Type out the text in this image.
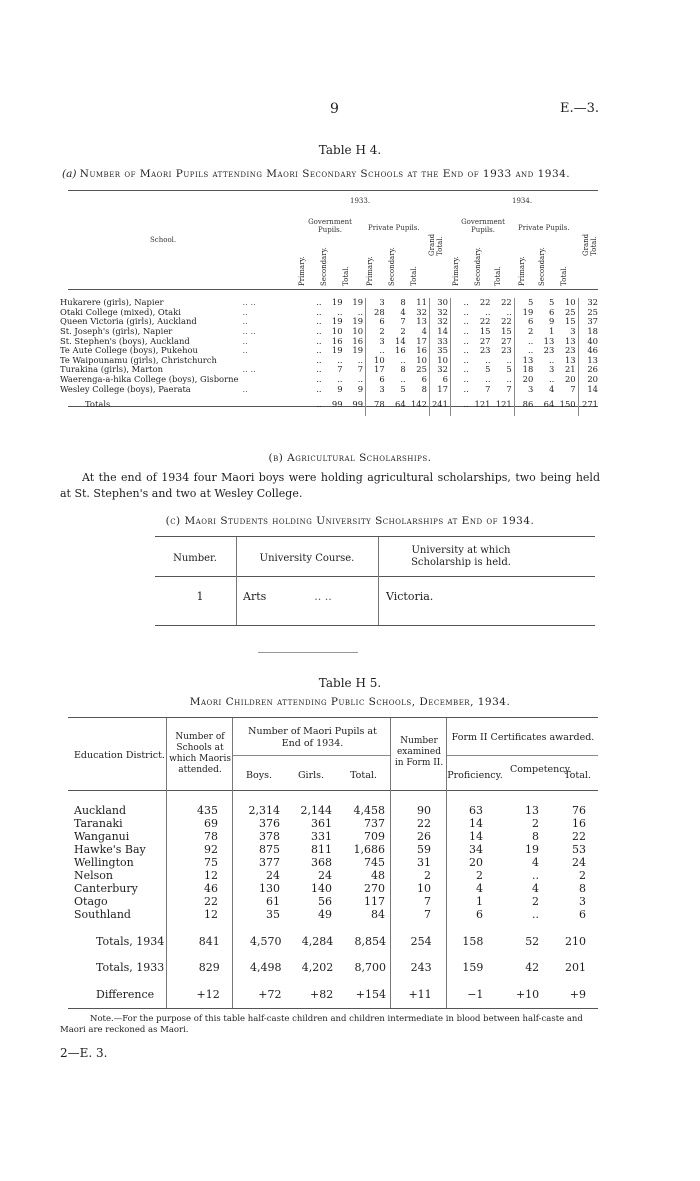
9	E.—3.
Table H 4.
(a) Number of Maori Pupils attending Maori Secondary Schools at the End of 1933 and 1934.
School.
1933.	1934.
Government Pupils.	Private Pupils.
Government Pupils.	Private Pupils.
Primary. Secondary. Total. Primary. Secondary. Total.
Grand Total.
Primary. Secondary. Total. Primary. Secondary. Total.
Grand Total.
Hukarere (girls), Napier	.. ..	..	19	19	3	8	11	30	..	22	22	5	5	10	32
Otaki College (mixed), Otaki	..	..	..	..	28	4	32	32	..	..	..	19	6	25	25
Queen Victoria (girls), Auckland	..	..	19	19	6	7	13	32	..	22	22	6	9	15	37
St. Joseph's (girls), Napier	.. ..	..	10	10	2	2	4	14	..	15	15	2	1	3	18
St. Stephen's (boys), Auckland	..	..	16	16	3	14	17	33	..	27	27	..	13	13	40
Te Aute College (boys), Pukehou	..	..	19	19	..	16	16	35	..	23	23	..	23	23	46
Te Waipounamu (girls), Christchurch		..	..	..	10	..	10	10	..	..	..	13	..	13	13
Turakina (girls), Marton	.. ..	..	7	7	17	8	25	32	..	5	5	18	3	21	26
Waerenga-a-hika College (boys), Gisborne		..	..	..	6	..	6	6	..	..	..	20	..	20	20
Wesley College (boys), Paerata	..	..	9	9	3	5	8	17	..	7	7	3	4	7	14
Totals .. .. ..		..	99	99	78	64	142	241	..	121	121	86	64	150	271
(b) Agricultural Scholarships.
At the end of 1934 four Maori boys were holding agricultural scholarships, two being held at St. Stephen's and two at Wesley College.
(c) Maori Students holding University Scholarships at End of 1934.
Number.	University Course.
University at which Scholarship is held.
1	Arts	.. ..	Victoria.
Table H 5.
Maori Children attending Public Schools, December, 1934.
Education District.
Number of Schools at which Maoris attended.
Number of Maori Pupils at End of 1934.
Boys.	Girls.	Total.
Number examined in Form II.
Form II Certificates awarded.
Proficiency.
Competency.
Total.
Auckland	435	2,314	2,144	4,458	90	63	13	76
Taranaki	69	376	361	737	22	14	2	16
Wanganui	78	378	331	709	26	14	8	22
Hawke's Bay	92	875	811	1,686	59	34	19	53
Wellington	75	377	368	745	31	20	4	24
Nelson	12	24	24	48	2	2	..	2
Canterbury	46	130	140	270	10	4	4	8
Otago	22	61	56	117	7	1	2	3
Southland	12	35	49	84	7	6	..	6
Totals, 1934	841	4,570	4,284	8,854	254	158	52	210
Totals, 1933	829	4,498	4,202	8,700	243	159	42	201
Difference	+12	+72	+82	+154	+11	−1	+10	+9
Note.—For the purpose of this table half-caste children and children intermediate in blood between half-caste and Maori are reckoned as Maori.
2—E. 3.
